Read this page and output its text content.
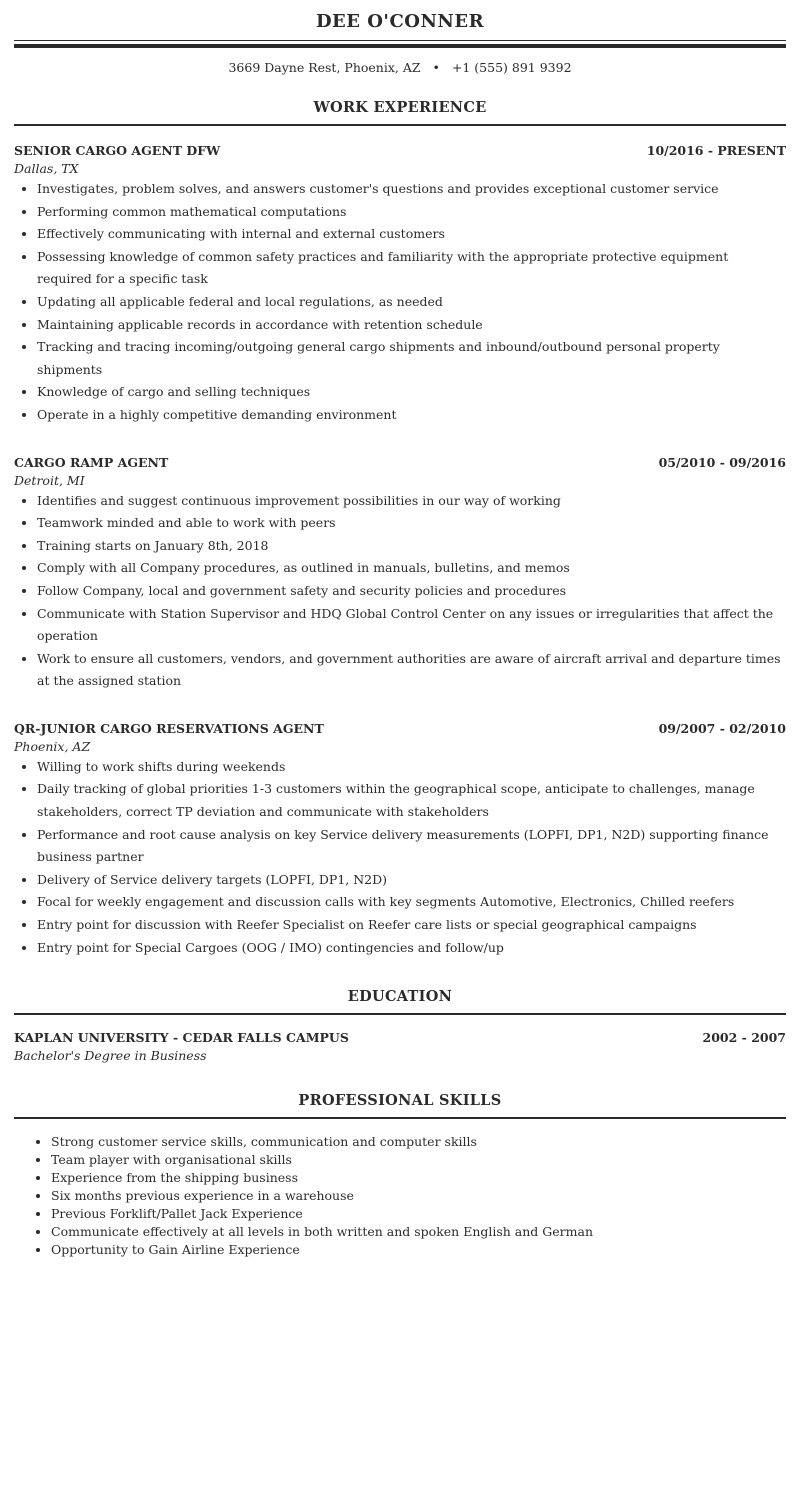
DEE O'CONNER
3669 Dayne Rest, Phoenix, AZ • +1 (555) 891 9392
WORK EXPERIENCE
SENIOR CARGO AGENT DFW	10/2016 - PRESENT
Dallas, TX
• Investigates, problem solves, and answers customer's questions and provides exceptional customer service
• Performing common mathematical computations
• Effectively communicating with internal and external customers
• Possessing knowledge of common safety practices and familiarity with the appropriate protective equipment required for a specific task
• Updating all applicable federal and local regulations, as needed
• Maintaining applicable records in accordance with retention schedule
• Tracking and tracing incoming/outgoing general cargo shipments and inbound/outbound personal property shipments
• Knowledge of cargo and selling techniques
• Operate in a highly competitive demanding environment
CARGO RAMP AGENT	05/2010 - 09/2016
Detroit, MI
• Identifies and suggest continuous improvement possibilities in our way of working
• Teamwork minded and able to work with peers
• Training starts on January 8th, 2018
• Comply with all Company procedures, as outlined in manuals, bulletins, and memos
• Follow Company, local and government safety and security policies and procedures
• Communicate with Station Supervisor and HDQ Global Control Center on any issues or irregularities that affect the operation
• Work to ensure all customers, vendors, and government authorities are aware of aircraft arrival and departure times at the assigned station
QR-JUNIOR CARGO RESERVATIONS AGENT	09/2007 - 02/2010
Phoenix, AZ
• Willing to work shifts during weekends
• Daily tracking of global priorities 1-3 customers within the geographical scope, anticipate to challenges, manage stakeholders, correct TP deviation and communicate with stakeholders
• Performance and root cause analysis on key Service delivery measurements (LOPFI, DP1, N2D) supporting finance business partner
• Delivery of Service delivery targets (LOPFI, DP1, N2D)
• Focal for weekly engagement and discussion calls with key segments Automotive, Electronics, Chilled reefers
• Entry point for discussion with Reefer Specialist on Reefer care lists or special geographical campaigns
• Entry point for Special Cargoes (OOG / IMO) contingencies and follow/up
EDUCATION
KAPLAN UNIVERSITY - CEDAR FALLS CAMPUS	2002 - 2007
Bachelor's Degree in Business
PROFESSIONAL SKILLS
• Strong customer service skills, communication and computer skills
• Team player with organisational skills
• Experience from the shipping business
• Six months previous experience in a warehouse
• Previous Forklift/Pallet Jack Experience
• Communicate effectively at all levels in both written and spoken English and German
• Opportunity to Gain Airline Experience
